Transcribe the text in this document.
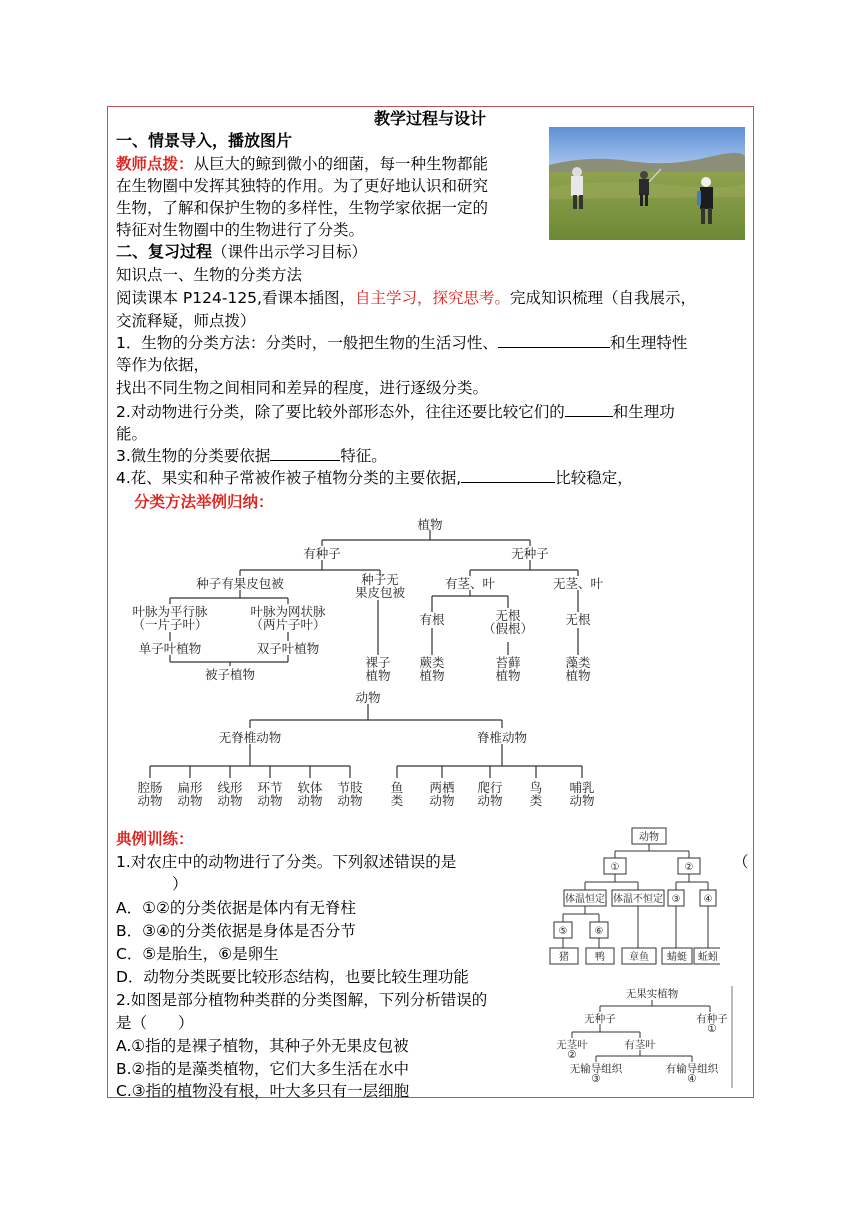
教学过程与设计
一、情景导入，播放图片
教师点拨：从巨大的鲸到微小的细菌，每一种生物都能
在生物圈中发挥其独特的作用。为了更好地认识和研究
生物，了解和保护生物的多样性，生物学家依据一定的
特征对生物圈中的生物进行了分类。
二、复习过程（课件出示学习目标）
知识点一、生物的分类方法
阅读课本 P124-125,看课本插图，自主学习，探究思考。完成知识梳理（自我展示，
交流释疑，师点拨）
1．生物的分类方法：分类时，一般把生物的生活习性、	和生理特性
等作为依据，
找出不同生物之间相同和差异的程度，进行逐级分类。
2.对动物进行分类，除了要比较外部形态外，往往还要比较它们的	和生理功
能。
3.微生物的分类要依据	特征。
4.花、果实和种子常被作被子植物分类的主要依据,	比较稳定，
分类方法举例归纳：
植物
有种子	无种子
种子有果皮包被	种子无
果皮包被
有茎、叶	无茎、叶
叶脉为平行脉
（一片子叶）
叶脉为网状脉
（两片子叶）	有根	无根
（假根）
无根
单子叶植物	双子叶植物
裸子
植物
蕨类
植物
苔藓
植物
藻类
植物
被子植物
动物
无脊椎动物	脊椎动物
腔肠
动物
扁形
动物
线形
动物
环节
动物
软体
动物
节肢
动物
鱼
类
两栖
动物
爬行
动物
鸟
类
哺乳
动物
典例训练：
1.对农庄中的动物进行了分类。下列叙述错误的是	（
）
A．①②的分类依据是体内有无脊柱
B．③④的分类依据是身体是否分节
C．⑤是胎生，⑥是卵生
D．动物分类既要比较形态结构，也要比较生理功能
2.如图是部分植物种类群的分类图解，下列分析错误的
是（　　）
A.①指的是裸子植物，其种子外无果皮包被
B.②指的是藻类植物，它们大多生活在水中
C.③指的植物没有根，叶大多只有一层细胞
动物
①	②
体温恒定 体温不恒定 ③ ④
⑤	⑥
猪	鸭 章鱼 蜻蜓 蚯蚓
无果实植物
无种子	有种子
①
无茎叶
②
有茎叶
无输导组织
③
有输导组织
④
